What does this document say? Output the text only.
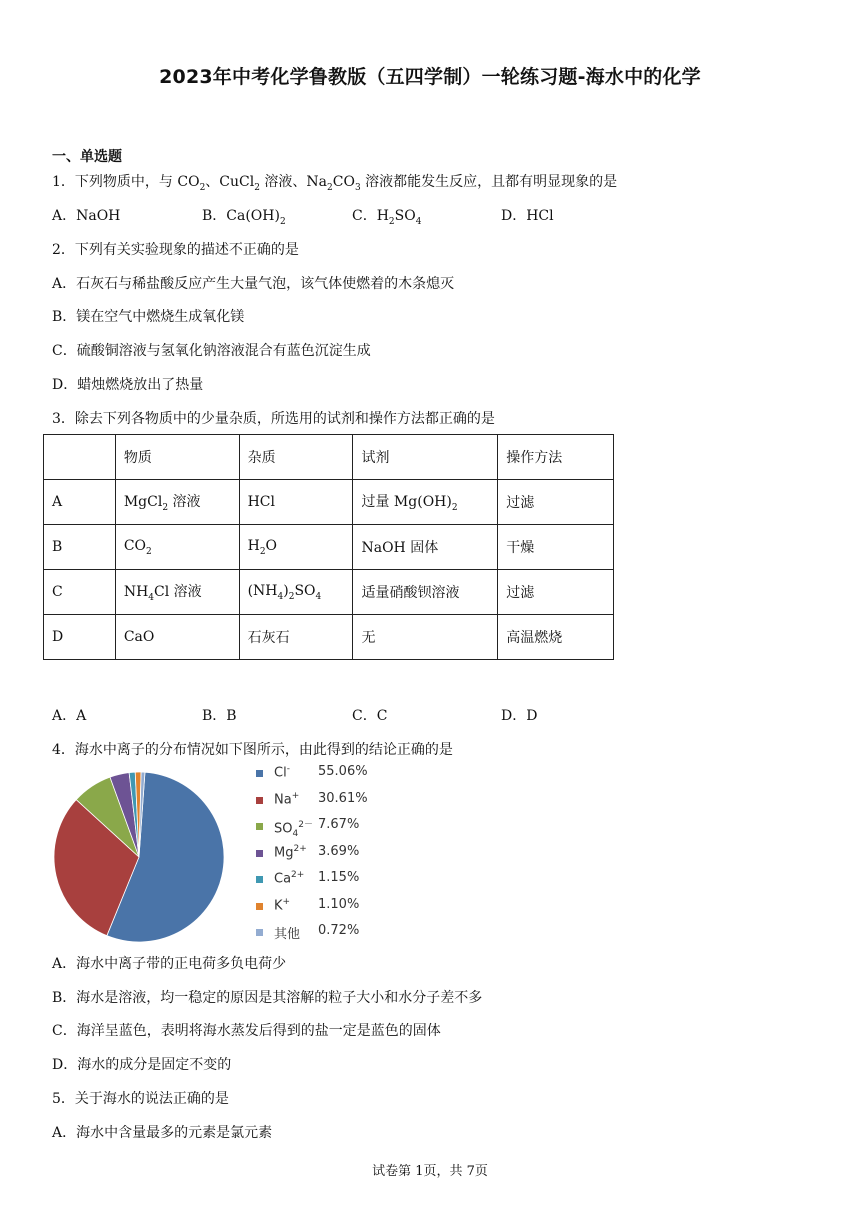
2023年中考化学鲁教版（五四学制）一轮练习题-海水中的化学
一、单选题
1．下列物质中，与 $CO_2$、CuCl$_2$ 溶液、$Na_2CO_3$ 溶液都能发生反应，且都有明显现象的是
A．NaOH	B．$Ca(OH)_2$	C．$H_2SO_4$	D．HCl
2．下列有关实验现象的描述不正确的是
A．石灰石与稀盐酸反应产生大量气泡，该气体使燃着的木条熄灭
B．镁在空气中燃烧生成氧化镁
C．硫酸铜溶液与氢氧化钠溶液混合有蓝色沉淀生成
D．蜡烛燃烧放出了热量
3．除去下列各物质中的少量杂质，所选用的试剂和操作方法都正确的是
	物质	杂质	试剂	操作方法
A	MgCl$_2$ 溶液	HCl	过量 $Mg(OH)_2$	过滤
B	$CO_2$	$H_2O$	NaOH 固体	干燥
C	$NH_4Cl$ 溶液	$(NH_4)_2SO_4$	适量硝酸钡溶液	过滤
D	CaO	石灰石	无	高温燃烧
A．A	B．B	C．C	D．D
4．海水中离子的分布情况如下图所示，由此得到的结论正确的是
Cl- 55.06%
Na+ 30.61%
$SO_4^{2-}$ 7.67%
$Mg^{2+}$ 3.69%
$Ca^{2+}$ 1.15%
K+ 1.10%
其他 0.72%
A．海水中离子带的正电荷多负电荷少
B．海水是溶液，均一稳定的原因是其溶解的粒子大小和水分子差不多
C．海洋呈蓝色，表明将海水蒸发后得到的盐一定是蓝色的固体
D．海水的成分是固定不变的
5．关于海水的说法正确的是
A．海水中含量最多的元素是氯元素
试卷第 1页，共 7页
